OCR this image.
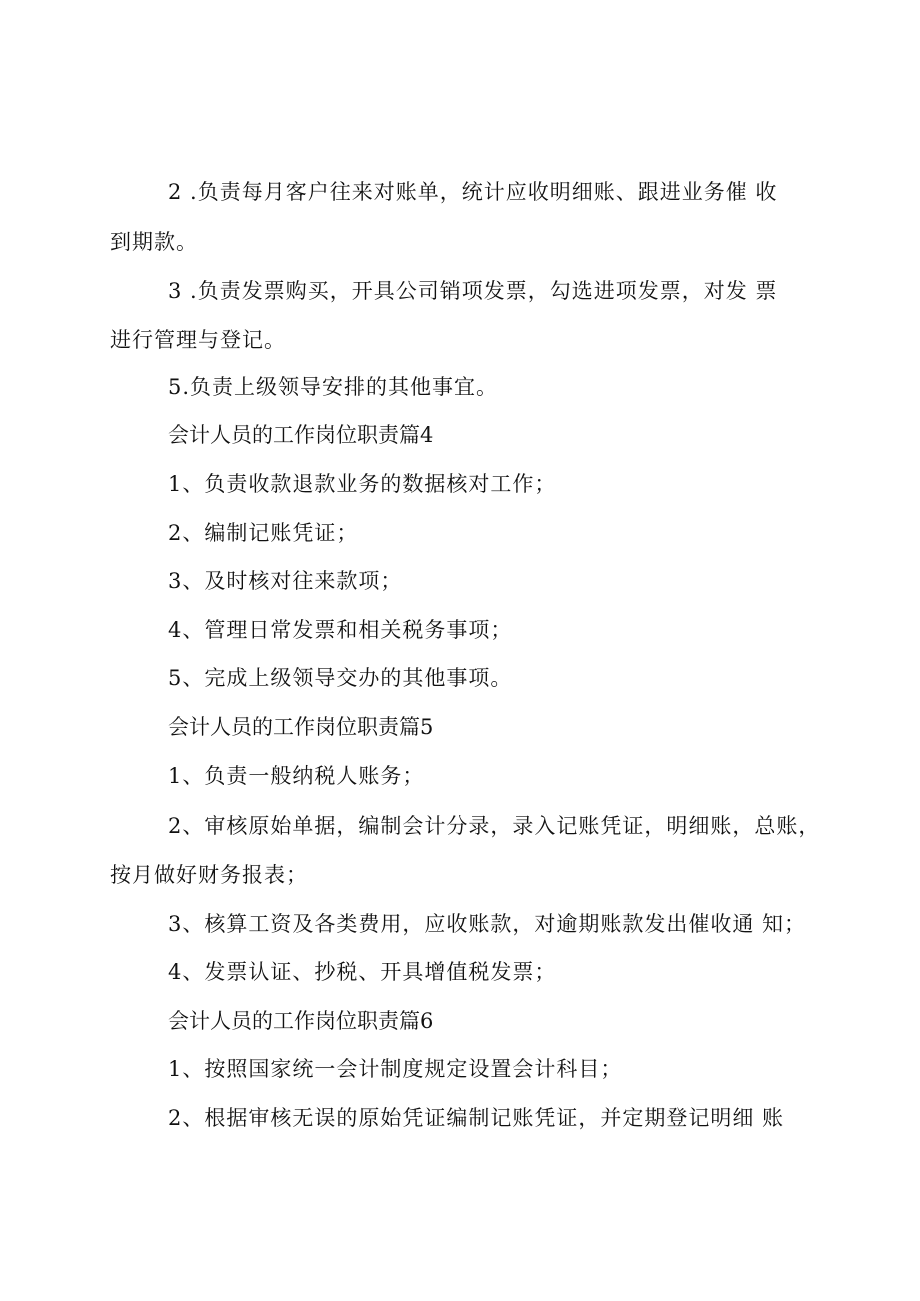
2 .负责每月客户往来对账单，统计应收明细账、跟进业务催 收
到期款。
3 .负责发票购买，开具公司销项发票，勾选进项发票，对发 票
进行管理与登记。
5.负责上级领导安排的其他事宜。
会计人员的工作岗位职责篇4
1、负责收款退款业务的数据核对工作；
2、编制记账凭证；
3、及时核对往来款项；
4、管理日常发票和相关税务事项；
5、完成上级领导交办的其他事项。
会计人员的工作岗位职责篇5
1、负责一般纳税人账务；
2、审核原始单据，编制会计分录，录入记账凭证，明细账，总账，
按月做好财务报表；
3、核算工资及各类费用，应收账款，对逾期账款发出催收通 知；
4、发票认证、抄税、开具增值税发票；
会计人员的工作岗位职责篇6
1、按照国家统一会计制度规定设置会计科目；
2、根据审核无误的原始凭证编制记账凭证，并定期登记明细 账
